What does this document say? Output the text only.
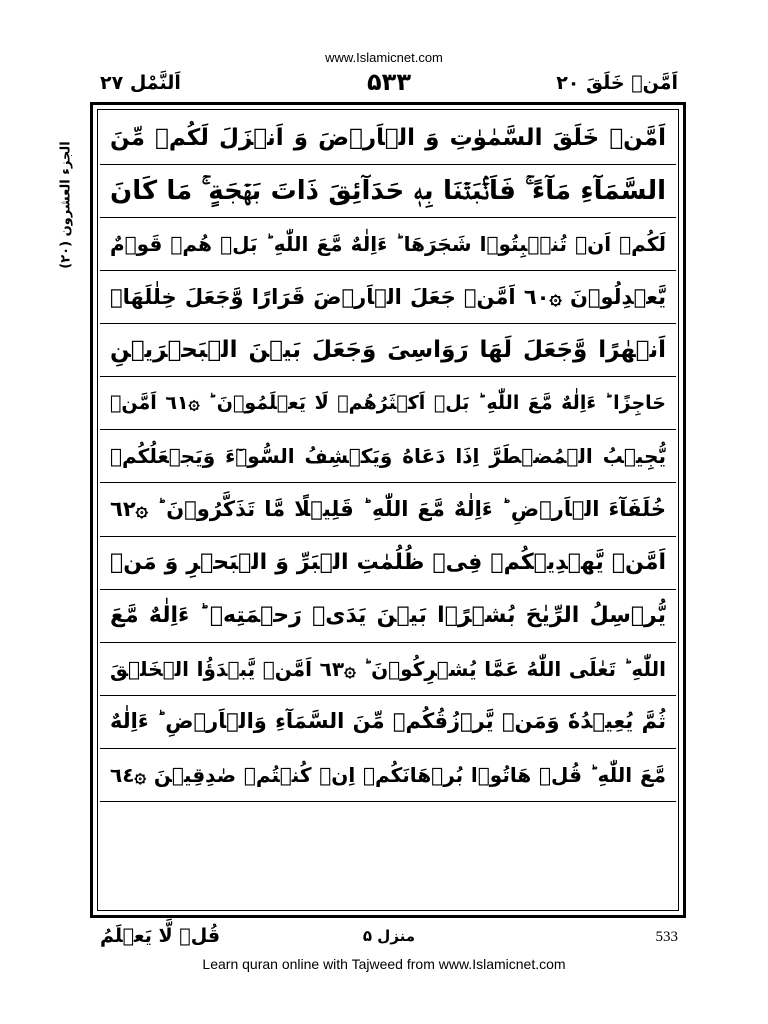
www.Islamicnet.com
اَلنَّمْل ٢٧	۵۳۳	اَمَّنۡ خَلَقَ ٢٠
الجزء العشرون (٢٠)
اَمَّنۡ خَلَقَ السَّمٰوٰتِ وَ الۡاَرۡضَ وَ اَنۡزَلَ لَکُمۡ مِّنَ
السَّمَآءِ مَآءً ۚ فَاَنۡۢبَتۡنَا بِهٖ حَدَآئِقَ ذَاتَ بَهۡجَةٍ ۚ مَا کَانَ
لَکُمۡ اَنۡ تُنۡۢبِتُوۡا شَجَرَهَا ؕ ءَاِلٰهٌ مَّعَ اللّٰهِ ؕ بَلۡ هُمۡ قَوۡمٌ
یَّعۡدِلُوۡنَ ۞٦٠ اَمَّنۡ جَعَلَ الۡاَرۡضَ قَرَارًا وَّجَعَلَ خِلٰلَهَاۤ
اَنۡهٰرًا وَّجَعَلَ لَهَا رَوَاسِیَ وَجَعَلَ بَیۡنَ الۡبَحۡرَیۡنِ
حَاجِزًا ؕ ءَاِلٰهٌ مَّعَ اللّٰهِ ؕ بَلۡ اَکۡثَرُهُمۡ لَا یَعۡلَمُوۡنَ ؕ ۞٦١ اَمَّنۡ
یُّجِیۡبُ الۡمُضۡطَرَّ اِذَا دَعَاهُ وَیَکۡشِفُ السُّوۡٓءَ وَیَجۡعَلُکُمۡ
خُلَفَآءَ الۡاَرۡضِ ؕ ءَاِلٰهٌ مَّعَ اللّٰهِ ؕ قَلِیۡلًا مَّا تَذَکَّرُوۡنَ ؕ ۞٦٢
اَمَّنۡ یَّهۡدِیۡکُمۡ فِیۡ ظُلُمٰتِ الۡبَرِّ وَ الۡبَحۡرِ وَ مَنۡ
یُّرۡسِلُ الرِّیٰحَ بُشۡرًۢا بَیۡنَ یَدَیۡ رَحۡمَتِهٖ ؕ ءَاِلٰهٌ مَّعَ
اللّٰهِ ؕ تَعٰلَی اللّٰهُ عَمَّا یُشۡرِکُوۡنَ ؕ ۞٦٣ اَمَّنۡ یَّبۡدَؤُا الۡخَلۡقَ
ثُمَّ یُعِیۡدُهٗ وَمَنۡ یَّرۡزُقُکُمۡ مِّنَ السَّمَآءِ وَالۡاَرۡضِ ؕ ءَاِلٰهٌ
مَّعَ اللّٰهِ ؕ قُلۡ هَاتُوۡا بُرۡهَانَکُمۡ اِنۡ کُنۡتُمۡ صٰدِقِیۡنَ ۞٦٤
قُلۡ لَّا یَعۡلَمُ	منزل ۵	533
Learn quran online with Tajweed from www.Islamicnet.com
